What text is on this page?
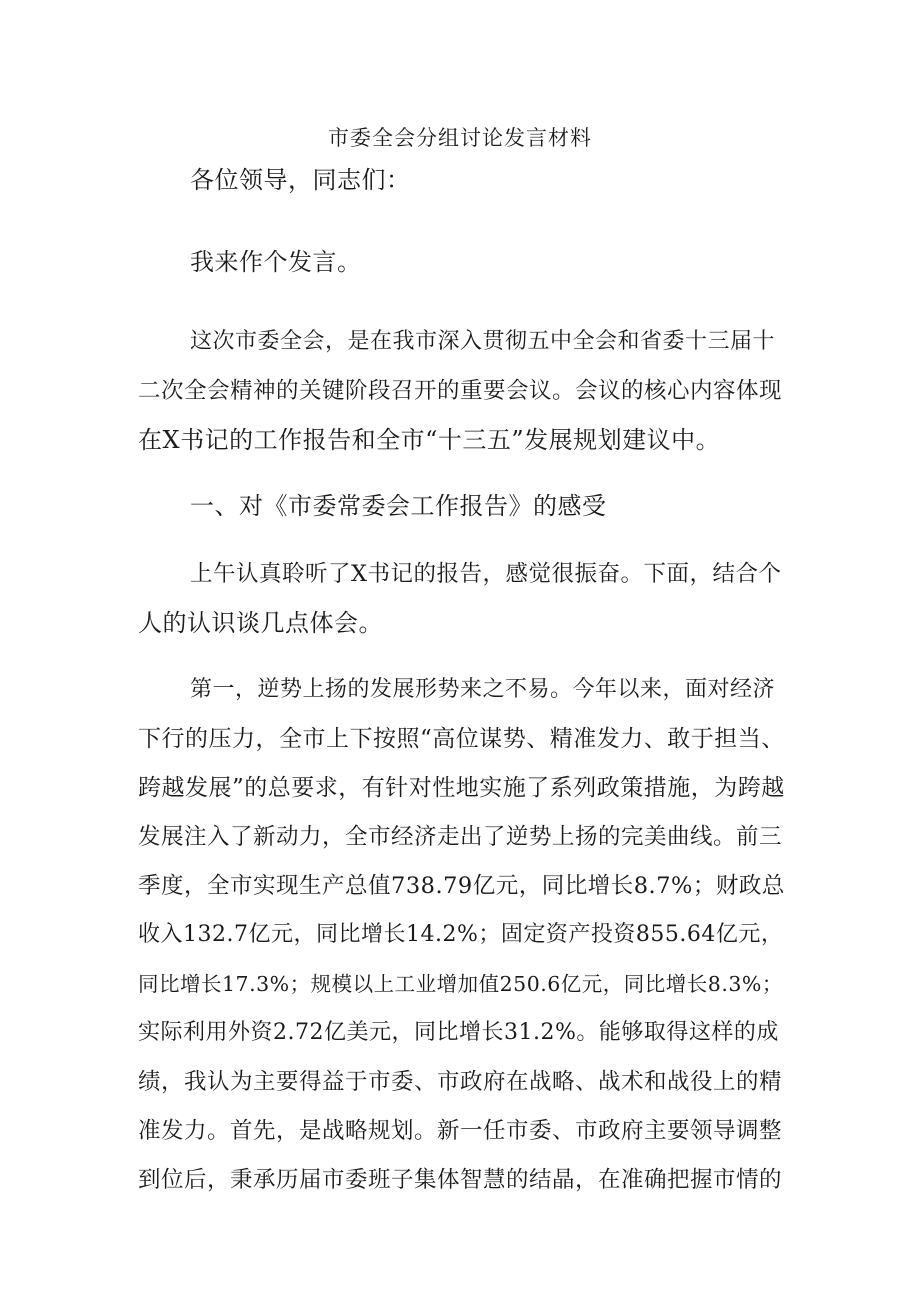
市委全会分组讨论发言材料
各位领导，同志们：
我来作个发言。
这次市委全会，是在我市深入贯彻五中全会和省委十三届十
二次全会精神的关键阶段召开的重要会议。会议的核心内容体现
在X书记的工作报告和全市“十三五”发展规划建议中。
一、对《市委常委会工作报告》的感受
上午认真聆听了X书记的报告，感觉很振奋。下面，结合个
人的认识谈几点体会。
第一，逆势上扬的发展形势来之不易。今年以来，面对经济
下行的压力，全市上下按照“高位谋势、精准发力、敢于担当、
跨越发展”的总要求，有针对性地实施了系列政策措施，为跨越
发展注入了新动力，全市经济走出了逆势上扬的完美曲线。前三
季度，全市实现生产总值738.79亿元，同比增长8.7%；财政总
收入132.7亿元，同比增长14.2%；固定资产投资855.64亿元，
同比增长17.3%；规模以上工业增加值250.6亿元，同比增长8.3%；
实际利用外资2.72亿美元，同比增长31.2%。能够取得这样的成
绩，我认为主要得益于市委、市政府在战略、战术和战役上的精
准发力。首先，是战略规划。新一任市委、市政府主要领导调整
到位后，秉承历届市委班子集体智慧的结晶，在准确把握市情的
